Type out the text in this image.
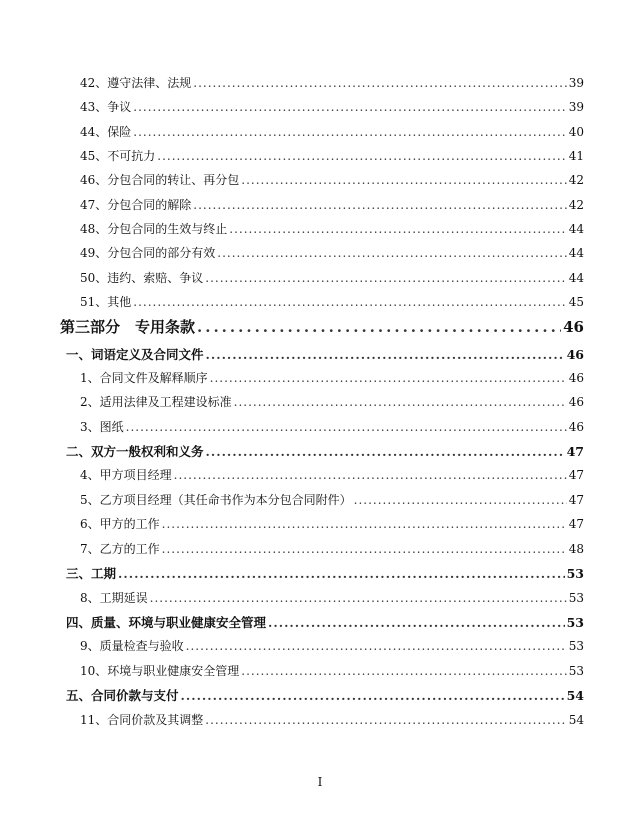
42、遵守法律、法规 .....	39
43、争议 .....	39
44、保险 .....	40
45、不可抗力 .....	41
46、分包合同的转让、再分包 .....	42
47、分包合同的解除 .....	42
48、分包合同的生效与终止 .....	44
49、分包合同的部分有效 .....	44
50、违约、索赔、争议 .....	44
51、其他 .....	45
第三部分　专用条款 .....	46
一、词语定义及合同文件 .....	46
1、合同文件及解释顺序 .....	46
2、适用法律及工程建设标准 .....	46
3、图纸 .....	46
二、双方一般权利和义务 .....	47
4、甲方项目经理 .....	47
5、乙方项目经理（其任命书作为本分包合同附件） .....	47
6、甲方的工作 .....	47
7、乙方的工作 .....	48
三、工期 .....	53
8、工期延误 .....	53
四、质量、环境与职业健康安全管理 .....	53
9、质量检查与验收 .....	53
10、环境与职业健康安全管理 .....	53
五、合同价款与支付 .....	54
11、合同价款及其调整 .....	54
I
